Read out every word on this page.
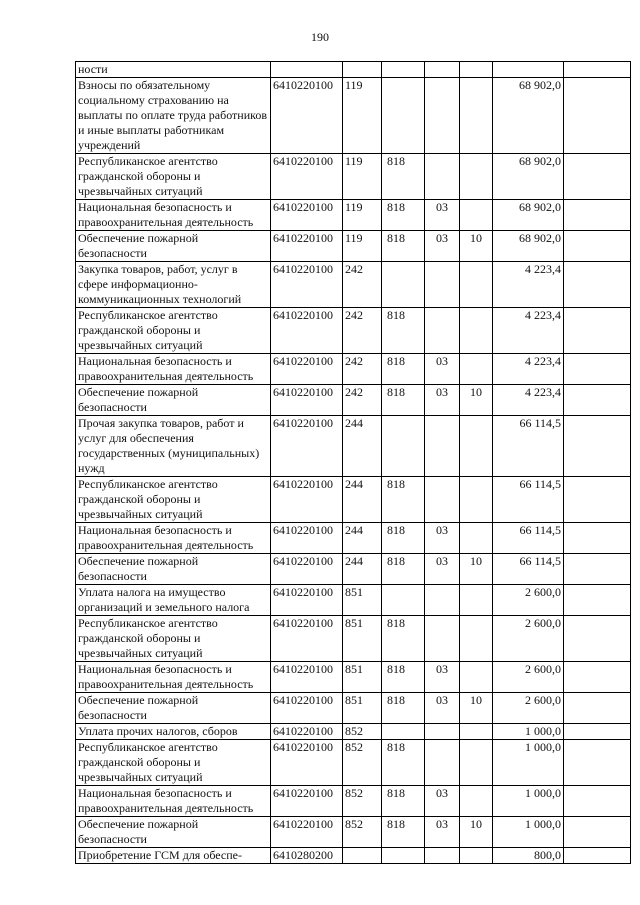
190
ности							
Взносы по обязательному социальному страхованию на выплаты по оплате труда работников и иные выплаты работникам учреждений	6410220100	119				68 902,0	
Республиканское агентство гражданской обороны и чрезвычайных ситуаций	6410220100	119	818			68 902,0	
Национальная безопасность и правоохранительная деятельность	6410220100	119	818	03		68 902,0	
Обеспечение пожарной безопасности	6410220100	119	818	03	10	68 902,0	
Закупка товаров, работ, услуг в сфере информационно-коммуникационных технологий	6410220100	242				4 223,4	
Республиканское агентство гражданской обороны и чрезвычайных ситуаций	6410220100	242	818			4 223,4	
Национальная безопасность и правоохранительная деятельность	6410220100	242	818	03		4 223,4	
Обеспечение пожарной безопасности	6410220100	242	818	03	10	4 223,4	
Прочая закупка товаров, работ и услуг для обеспечения государственных (муниципальных) нужд	6410220100	244				66 114,5	
Республиканское агентство гражданской обороны и чрезвычайных ситуаций	6410220100	244	818			66 114,5	
Национальная безопасность и правоохранительная деятельность	6410220100	244	818	03		66 114,5	
Обеспечение пожарной безопасности	6410220100	244	818	03	10	66 114,5	
Уплата налога на имущество организаций и земельного налога	6410220100	851				2 600,0	
Республиканское агентство гражданской обороны и чрезвычайных ситуаций	6410220100	851	818			2 600,0	
Национальная безопасность и правоохранительная деятельность	6410220100	851	818	03		2 600,0	
Обеспечение пожарной безопасности	6410220100	851	818	03	10	2 600,0	
Уплата прочих налогов, сборов	6410220100	852				1 000,0	
Республиканское агентство гражданской обороны и чрезвычайных ситуаций	6410220100	852	818			1 000,0	
Национальная безопасность и правоохранительная деятельность	6410220100	852	818	03		1 000,0	
Обеспечение пожарной безопасности	6410220100	852	818	03	10	1 000,0	
Приобретение ГСМ для обеспе-	6410280200					800,0	
